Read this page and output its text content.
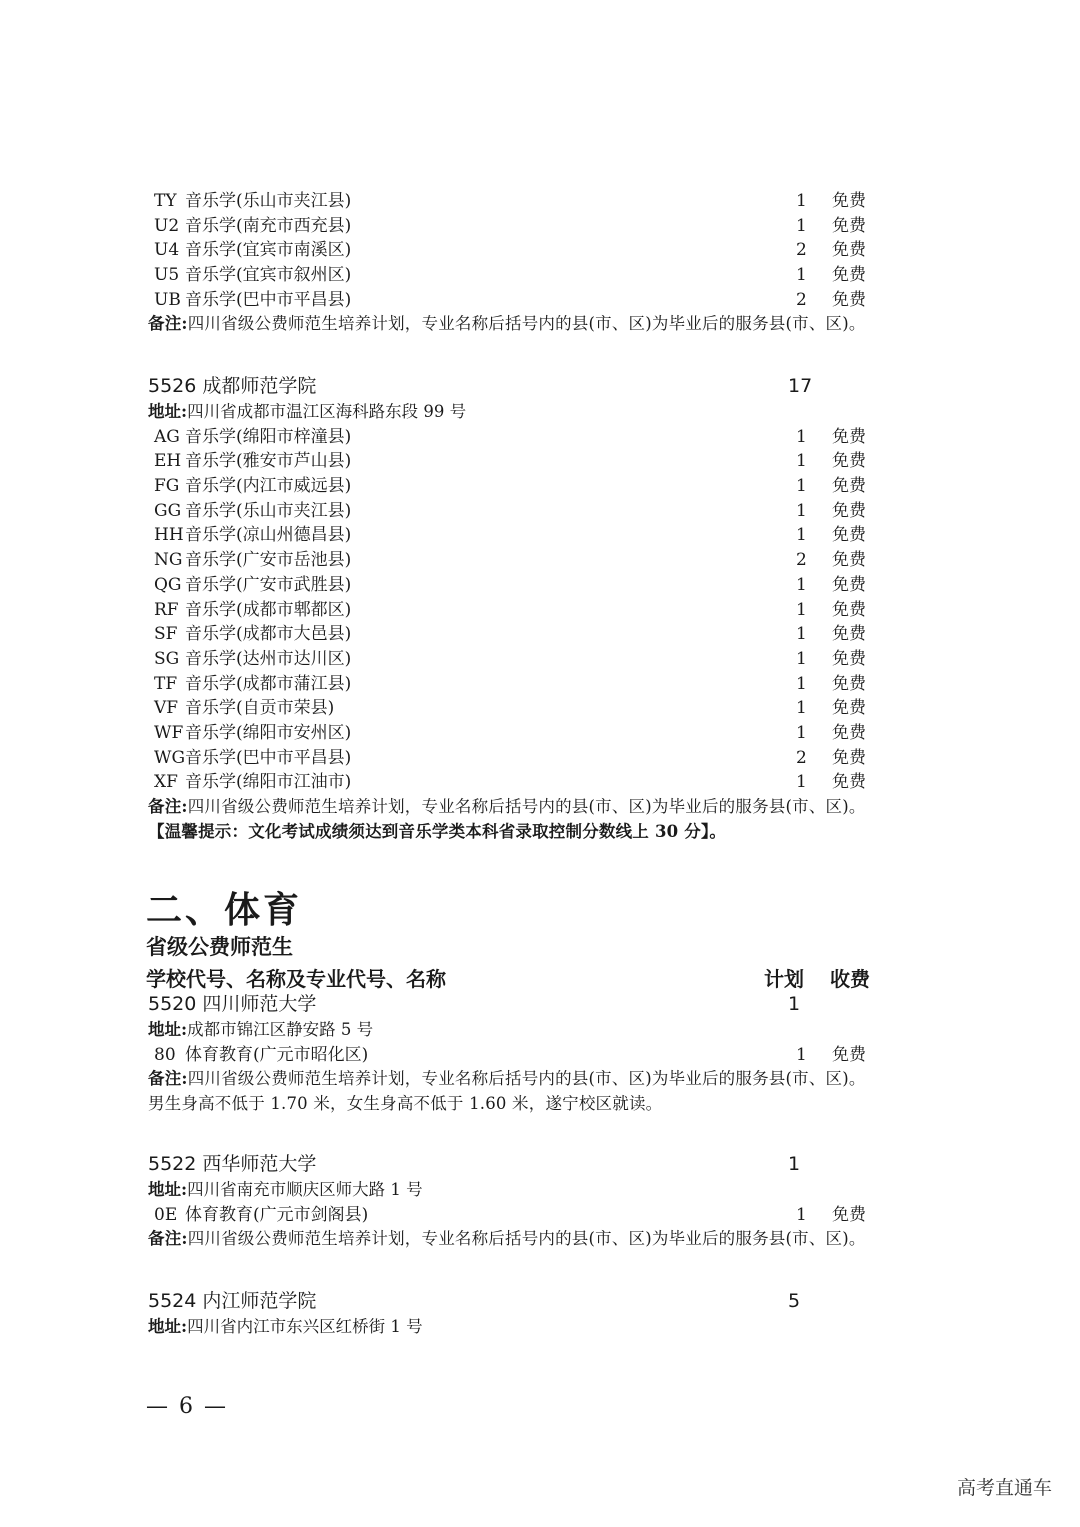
TY 音乐学(乐山市夹江县)	1 免费
U2 音乐学(南充市西充县)	1 免费
U4 音乐学(宜宾市南溪区)	2 免费
U5 音乐学(宜宾市叙州区)	1 免费
UB 音乐学(巴中市平昌县)	2 免费
备注:四川省级公费师范生培养计划，专业名称后括号内的县(市、区)为毕业后的服务县(市、区)。
5526 成都师范学院	17
地址:四川省成都市温江区海科路东段 99 号
AG 音乐学(绵阳市梓潼县)	1 免费
EH 音乐学(雅安市芦山县)	1 免费
FG 音乐学(内江市威远县)	1 免费
GG 音乐学(乐山市夹江县)	1 免费
HH 音乐学(凉山州德昌县)	1 免费
NG 音乐学(广安市岳池县)	2 免费
QG 音乐学(广安市武胜县)	1 免费
RF 音乐学(成都市郫都区)	1 免费
SF 音乐学(成都市大邑县)	1 免费
SG 音乐学(达州市达川区)	1 免费
TF 音乐学(成都市蒲江县)	1 免费
VF 音乐学(自贡市荣县)	1 免费
WF 音乐学(绵阳市安州区)	1 免费
WG 音乐学(巴中市平昌县)	2 免费
XF 音乐学(绵阳市江油市)	1 免费
备注:四川省级公费师范生培养计划，专业名称后括号内的县(市、区)为毕业后的服务县(市、区)。
【温馨提示：文化考试成绩须达到音乐学类本科省录取控制分数线上 30 分】。
二、体育
省级公费师范生
学校代号、名称及专业代号、名称	计划 收费
5520 四川师范大学	1
地址:成都市锦江区静安路 5 号
80 体育教育(广元市昭化区)	1 免费
备注:四川省级公费师范生培养计划，专业名称后括号内的县(市、区)为毕业后的服务县(市、区)。
男生身高不低于 1.70 米，女生身高不低于 1.60 米，遂宁校区就读。
5522 西华师范大学	1
地址:四川省南充市顺庆区师大路 1 号
0E 体育教育(广元市剑阁县)	1 免费
备注:四川省级公费师范生培养计划，专业名称后括号内的县(市、区)为毕业后的服务县(市、区)。
5524 内江师范学院	5
地址:四川省内江市东兴区红桥街 1 号
— 6 —
高考直通车
